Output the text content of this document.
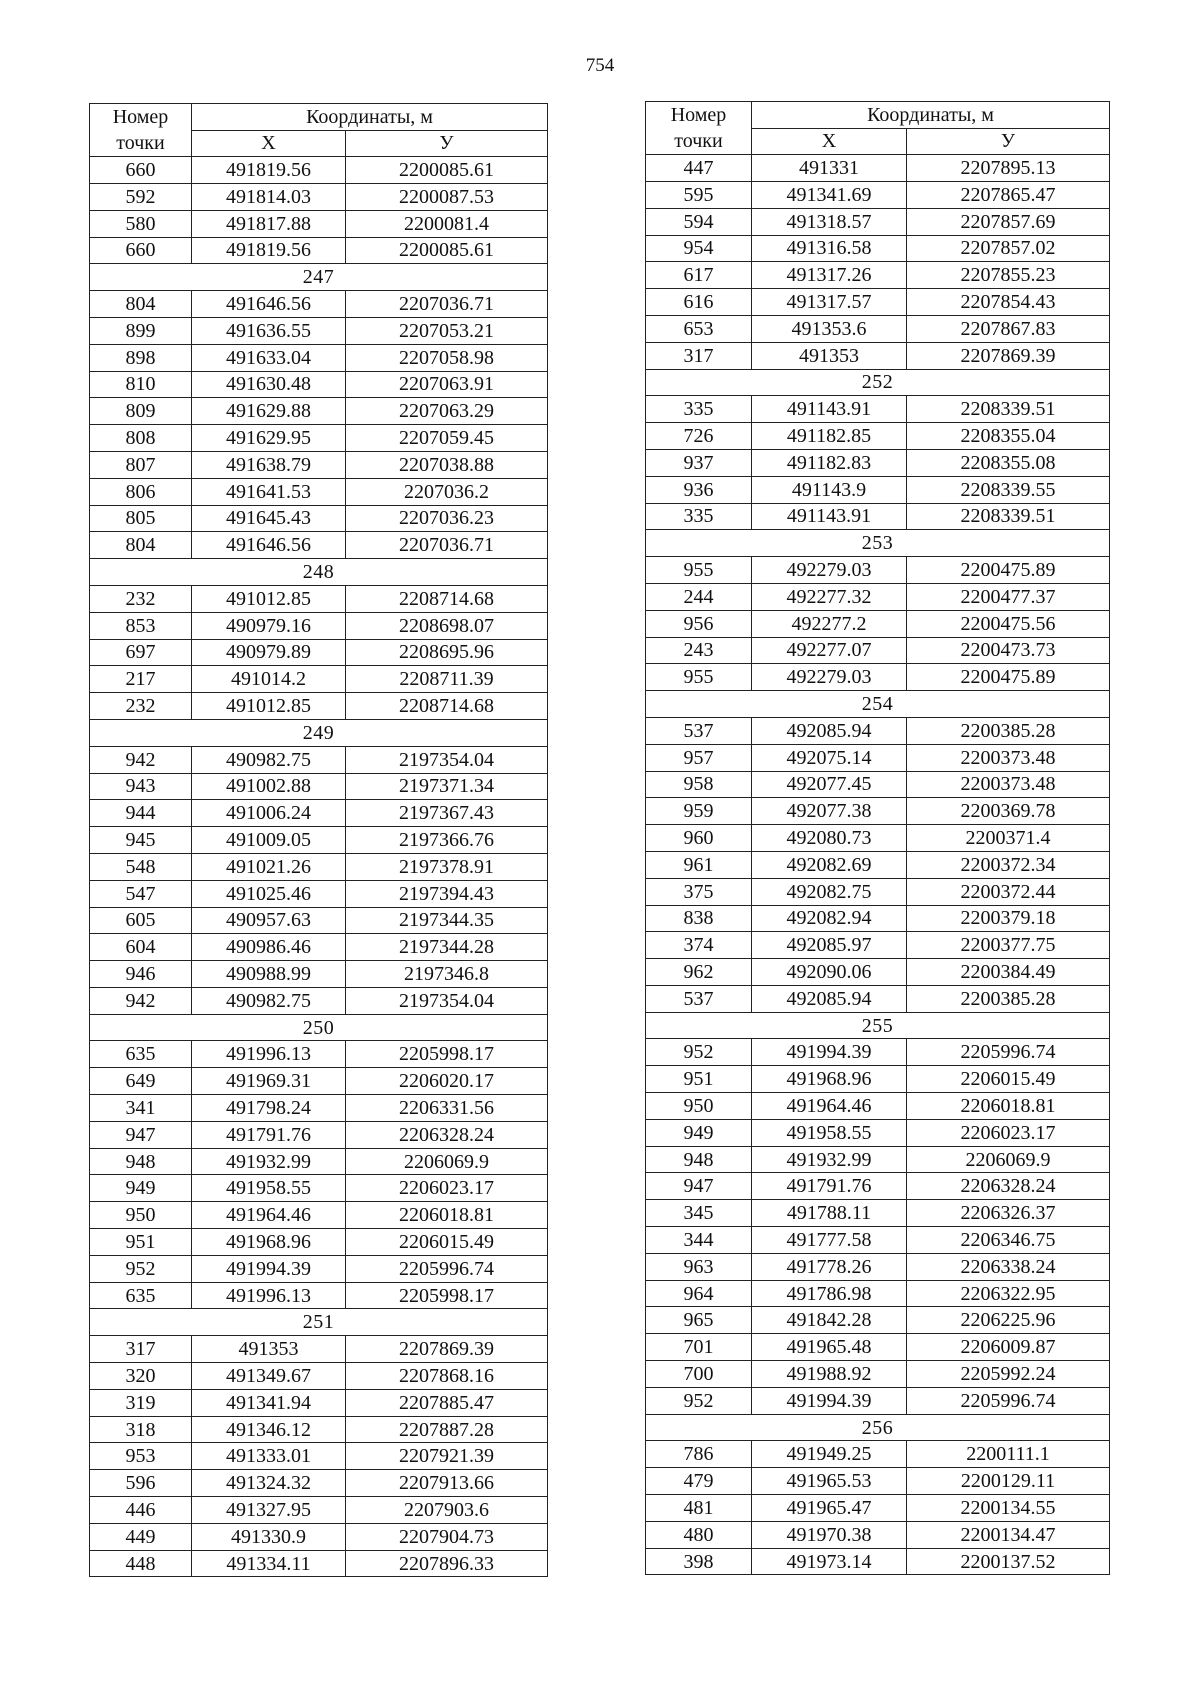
754
Номер	Координаты, м	
точки	X	У
660	491819.56	2200085.61
592	491814.03	2200087.53
580	491817.88	2200081.4
660	491819.56	2200085.61
247		
804	491646.56	2207036.71
899	491636.55	2207053.21
898	491633.04	2207058.98
810	491630.48	2207063.91
809	491629.88	2207063.29
808	491629.95	2207059.45
807	491638.79	2207038.88
806	491641.53	2207036.2
805	491645.43	2207036.23
804	491646.56	2207036.71
248		
232	491012.85	2208714.68
853	490979.16	2208698.07
697	490979.89	2208695.96
217	491014.2	2208711.39
232	491012.85	2208714.68
249		
942	490982.75	2197354.04
943	491002.88	2197371.34
944	491006.24	2197367.43
945	491009.05	2197366.76
548	491021.26	2197378.91
547	491025.46	2197394.43
605	490957.63	2197344.35
604	490986.46	2197344.28
946	490988.99	2197346.8
942	490982.75	2197354.04
250		
635	491996.13	2205998.17
649	491969.31	2206020.17
341	491798.24	2206331.56
947	491791.76	2206328.24
948	491932.99	2206069.9
949	491958.55	2206023.17
950	491964.46	2206018.81
951	491968.96	2206015.49
952	491994.39	2205996.74
635	491996.13	2205998.17
251		
317	491353	2207869.39
320	491349.67	2207868.16
319	491341.94	2207885.47
318	491346.12	2207887.28
953	491333.01	2207921.39
596	491324.32	2207913.66
446	491327.95	2207903.6
449	491330.9	2207904.73
448	491334.11	2207896.33
Номер	Координаты, м	
точки	X	У
447	491331	2207895.13
595	491341.69	2207865.47
594	491318.57	2207857.69
954	491316.58	2207857.02
617	491317.26	2207855.23
616	491317.57	2207854.43
653	491353.6	2207867.83
317	491353	2207869.39
252		
335	491143.91	2208339.51
726	491182.85	2208355.04
937	491182.83	2208355.08
936	491143.9	2208339.55
335	491143.91	2208339.51
253		
955	492279.03	2200475.89
244	492277.32	2200477.37
956	492277.2	2200475.56
243	492277.07	2200473.73
955	492279.03	2200475.89
254		
537	492085.94	2200385.28
957	492075.14	2200373.48
958	492077.45	2200373.48
959	492077.38	2200369.78
960	492080.73	2200371.4
961	492082.69	2200372.34
375	492082.75	2200372.44
838	492082.94	2200379.18
374	492085.97	2200377.75
962	492090.06	2200384.49
537	492085.94	2200385.28
255		
952	491994.39	2205996.74
951	491968.96	2206015.49
950	491964.46	2206018.81
949	491958.55	2206023.17
948	491932.99	2206069.9
947	491791.76	2206328.24
345	491788.11	2206326.37
344	491777.58	2206346.75
963	491778.26	2206338.24
964	491786.98	2206322.95
965	491842.28	2206225.96
701	491965.48	2206009.87
700	491988.92	2205992.24
952	491994.39	2205996.74
256		
786	491949.25	2200111.1
479	491965.53	2200129.11
481	491965.47	2200134.55
480	491970.38	2200134.47
398	491973.14	2200137.52
